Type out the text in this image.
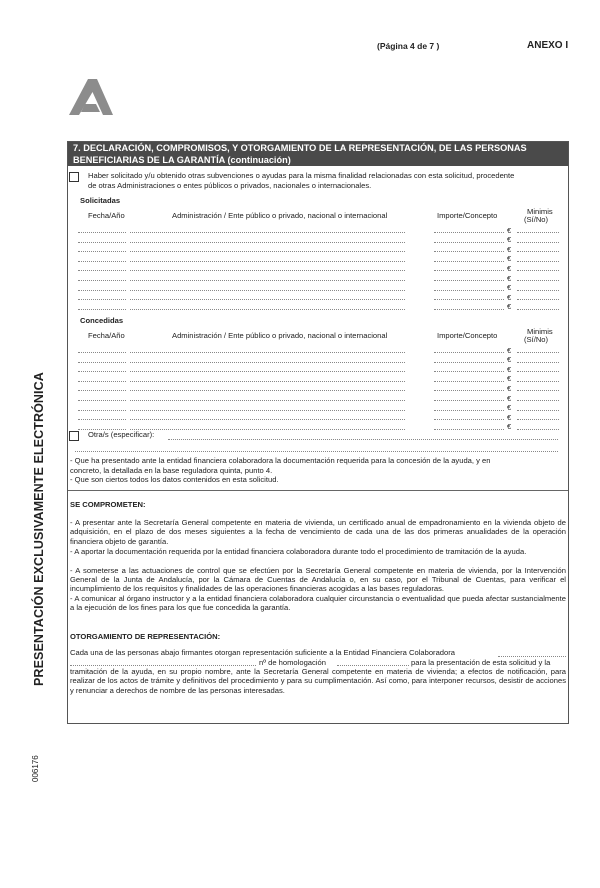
(Página 4 de 7 )	ANEXO I
PRESENTACIÓN EXCLUSIVAMENTE ELECTRÓNICA
006176
7. DECLARACIÓN, COMPROMISOS, Y OTORGAMIENTO DE LA REPRESENTACIÓN, DE LAS PERSONAS
BENEFICIARIAS DE LA GARANTÍA (continuación)
Haber solicitado y/u obtenido otras subvenciones o ayudas para la misma finalidad relacionadas con esta solicitud, procedente
de otras Administraciones o entes públicos o privados, nacionales o internacionales.
Solicitadas
Fecha/Año	Administración / Ente público o privado, nacional o internacional	Importe/Concepto	Minimis
(Sí/No)
€
€
€
€
€
€
€
€
€
Concedidas
Fecha/Año	Administración / Ente público o privado, nacional o internacional	Importe/Concepto	Minimis
(Sí/No)
€
€
€
€
€
€
€
€
€
Otra/s (especificar):
- Que ha presentado ante la entidad financiera colaboradora la documentación requerida para la concesión de la ayuda, y en
concreto, la detallada en la base reguladora quinta, punto 4.
- Que son ciertos todos los datos contenidos en esta solicitud.
SE COMPROMETEN:
- A presentar ante la Secretaría General competente en materia de vivienda, un certificado anual de empadronamiento en la vivienda objeto de adquisición, en el plazo de dos meses siguientes a la fecha de vencimiento de cada una de las dos primeras anualidades de la operación financiera objeto de garantía.
- A aportar la documentación requerida por la entidad financiera colaboradora durante todo el procedimiento de tramitación de la ayuda.
- A someterse a las actuaciones de control que se efectúen por la Secretaría General competente en materia de vivienda, por la Intervención General de la Junta de Andalucía, por la Cámara de Cuentas de Andalucía o, en su caso, por el Tribunal de Cuentas, para verificar el incumplimiento de los requisitos y finalidades de las operaciones financieras acogidas a las bases reguladoras.
- A comunicar al órgano instructor y a la entidad financiera colaboradora cualquier circunstancia o eventualidad que pueda afectar sustancialmente a la ejecución de los fines para los que fue concedida la garantía.
OTORGAMIENTO DE REPRESENTACIÓN:
Cada una de las personas abajo firmantes otorgan representación suficiente a la Entidad Financiera Colaboradora
nº de homologación	para la presentación de esta solicitud y la
tramitación de la ayuda, en su propio nombre, ante la Secretaría General competente en materia de vivienda; a efectos de notificación, para realizar de los actos de trámite y definitivos del procedimiento y para su cumplimentación. Así como, para interponer recursos, desistir de acciones y renunciar a derechos de nombre de las personas interesadas.
